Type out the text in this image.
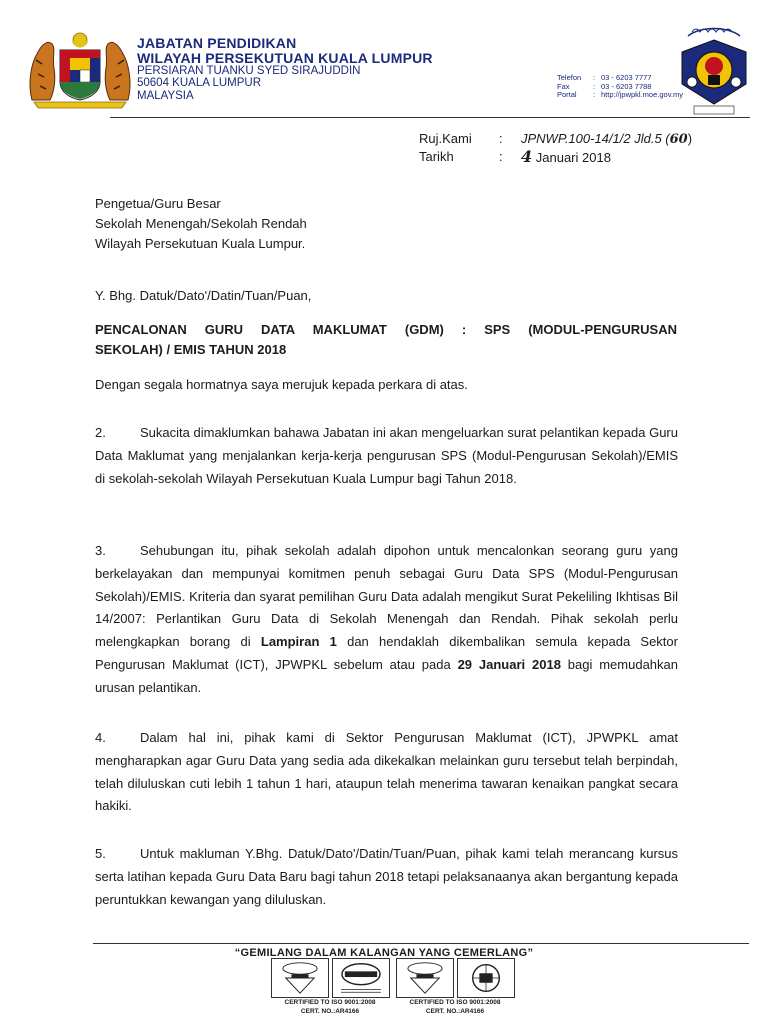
JABATAN PENDIDIKAN
WILAYAH PERSEKUTUAN KUALA LUMPUR
PERSIARAN TUANKU SYED SIRAJUDDIN
50604 KUALA LUMPUR
MALAYSIA
Telefon	: 03 - 6203 7777
Fax	: 03 - 6203 7788
Portal	: http://jpwpkl.moe.gov.my
Ruj.Kami : JPNWP.100-14/1/2 Jld.5 (60)
Tarikh	: 4 Januari 2018
Pengetua/Guru Besar
Sekolah Menengah/Sekolah Rendah
Wilayah Persekutuan Kuala Lumpur.
Y. Bhg. Datuk/Dato'/Datin/Tuan/Puan,
PENCALONAN GURU DATA MAKLUMAT (GDM) : SPS (MODUL-PENGURUSAN
SEKOLAH) / EMIS TAHUN 2018
Dengan segala hormatnya saya merujuk kepada perkara di atas.
2.	Sukacita dimaklumkan bahawa Jabatan ini akan mengeluarkan surat pelantikan kepada Guru Data Maklumat yang menjalankan kerja-kerja pengurusan SPS (Modul-Pengurusan Sekolah)/EMIS di sekolah-sekolah Wilayah Persekutuan Kuala Lumpur bagi Tahun 2018.
3.	Sehubungan itu, pihak sekolah adalah dipohon untuk mencalonkan seorang guru yang berkelayakan dan mempunyai komitmen penuh sebagai Guru Data SPS (Modul-Pengurusan Sekolah)/EMIS. Kriteria dan syarat pemilihan Guru Data adalah mengikut Surat Pekeliling Ikhtisas Bil 14/2007: Perlantikan Guru Data di Sekolah Menengah dan Rendah. Pihak sekolah perlu melengkapkan borang di Lampiran 1 dan hendaklah dikembalikan semula kepada Sektor Pengurusan Maklumat (ICT), JPWPKL sebelum atau pada 29 Januari 2018 bagi memudahkan urusan pelantikan.
4.	Dalam hal ini, pihak kami di Sektor Pengurusan Maklumat (ICT), JPWPKL amat mengharapkan agar Guru Data yang sedia ada dikekalkan melainkan guru tersebut telah berpindah, telah diluluskan cuti lebih 1 tahun 1 hari, ataupun telah menerima tawaran kenaikan pangkat secara hakiki.
5.	Untuk makluman Y.Bhg. Datuk/Dato'/Datin/Tuan/Puan, pihak kami telah merancang kursus serta latihan kepada Guru Data Baru bagi tahun 2018 tetapi pelaksanaanya akan bergantung kepada peruntukkan kewangan yang diluluskan.
“GEMILANG DALAM KALANGAN YANG CEMERLANG”
CERTIFIED TO ISO 9001:2008
CERT. NO.:AR4166
CERTIFIED TO ISO 9001:2008
CERT. NO.:AR4166
